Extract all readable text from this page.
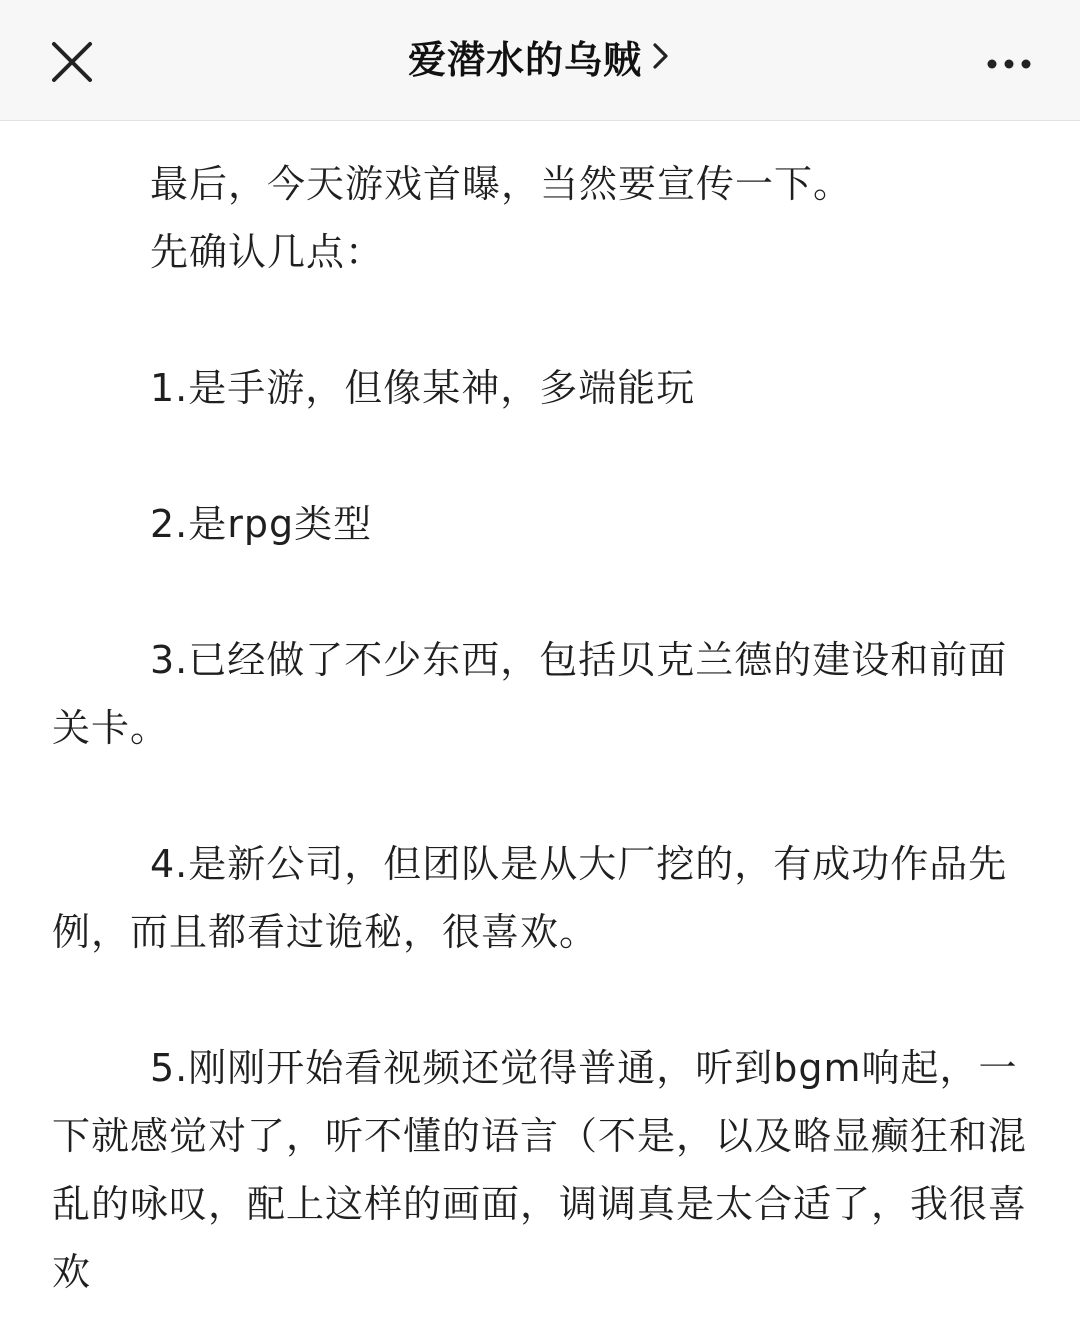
爱潜水的乌贼

最后，今天游戏首曝，当然要宣传一下。

先确认几点：

1.是手游，但像某神，多端能玩

2.是rpg类型

3.已经做了不少东西，包括贝克兰德的建设和前面关卡。

4.是新公司，但团队是从大厂挖的，有成功作品先例，而且都看过诡秘，很喜欢。

5.刚刚开始看视频还觉得普通，听到bgm响起，一下就感觉对了，听不懂的语言（不是，以及略显癫狂和混乱的咏叹，配上这样的画面，调调真是太合适了，我很喜欢
